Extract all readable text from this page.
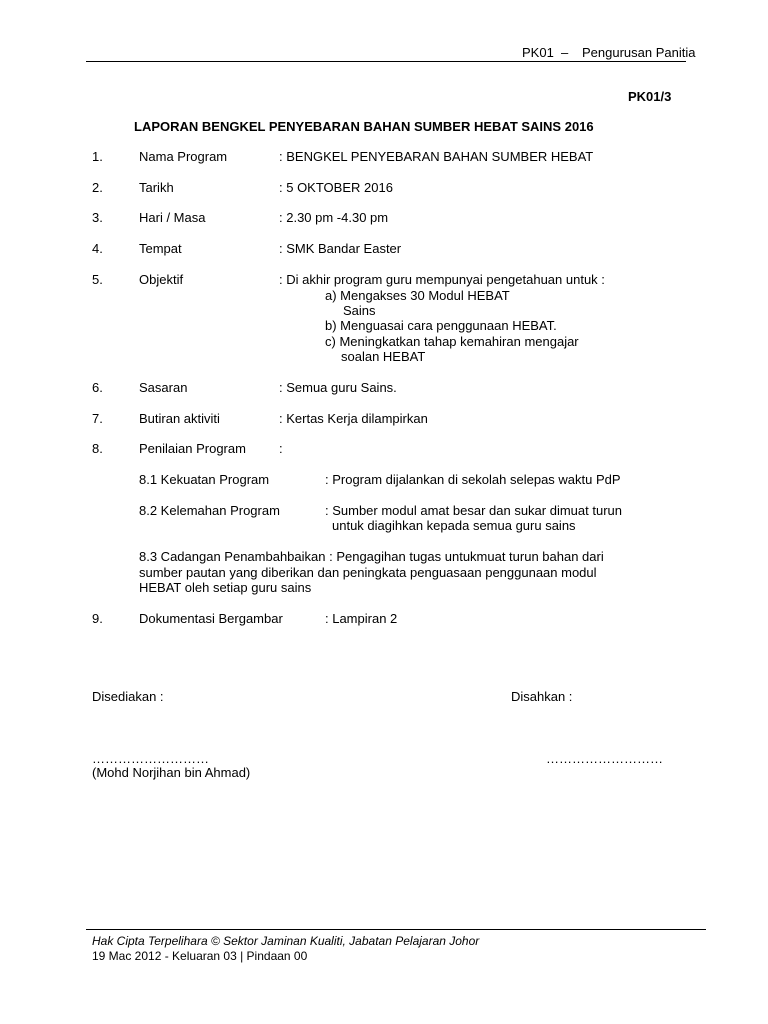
PK01 – Pengurusan Panitia
PK01/3
LAPORAN BENGKEL PENYEBARAN BAHAN SUMBER HEBAT SAINS 2016
1.	Nama Program	: BENGKEL PENYEBARAN BAHAN SUMBER HEBAT
2.	Tarikh	: 5 OKTOBER 2016
3.	Hari / Masa	: 2.30 pm -4.30 pm
4.	Tempat	: SMK Bandar Easter
5.	Objektif	: Di akhir program guru mempunyai pengetahuan untuk :
a) Mengakses 30 Modul HEBAT
Sains
b) Menguasai cara penggunaan HEBAT.
c) Meningkatkan tahap kemahiran mengajar
soalan HEBAT
6.	Sasaran	: Semua guru Sains.
7.	Butiran aktiviti	: Kertas Kerja dilampirkan
8.	Penilaian Program	:
8.1 Kekuatan Program	: Program dijalankan di sekolah selepas waktu PdP
8.2 Kelemahan Program	: Sumber modul amat besar dan sukar dimuat turun
untuk diagihkan kepada semua guru sains
8.3 Cadangan Penambahbaikan : Pengagihan tugas untukmuat turun bahan dari
sumber pautan yang diberikan dan peningkata penguasaan penggunaan modul
HEBAT oleh setiap guru sains
9.	Dokumentasi Bergambar	: Lampiran 2
Disediakan :	Disahkan :
………………………	………………………
(Mohd Norjihan bin Ahmad)
Hak Cipta Terpelihara © Sektor Jaminan Kualiti, Jabatan Pelajaran Johor
19 Mac 2012 - Keluaran 03 | Pindaan 00
